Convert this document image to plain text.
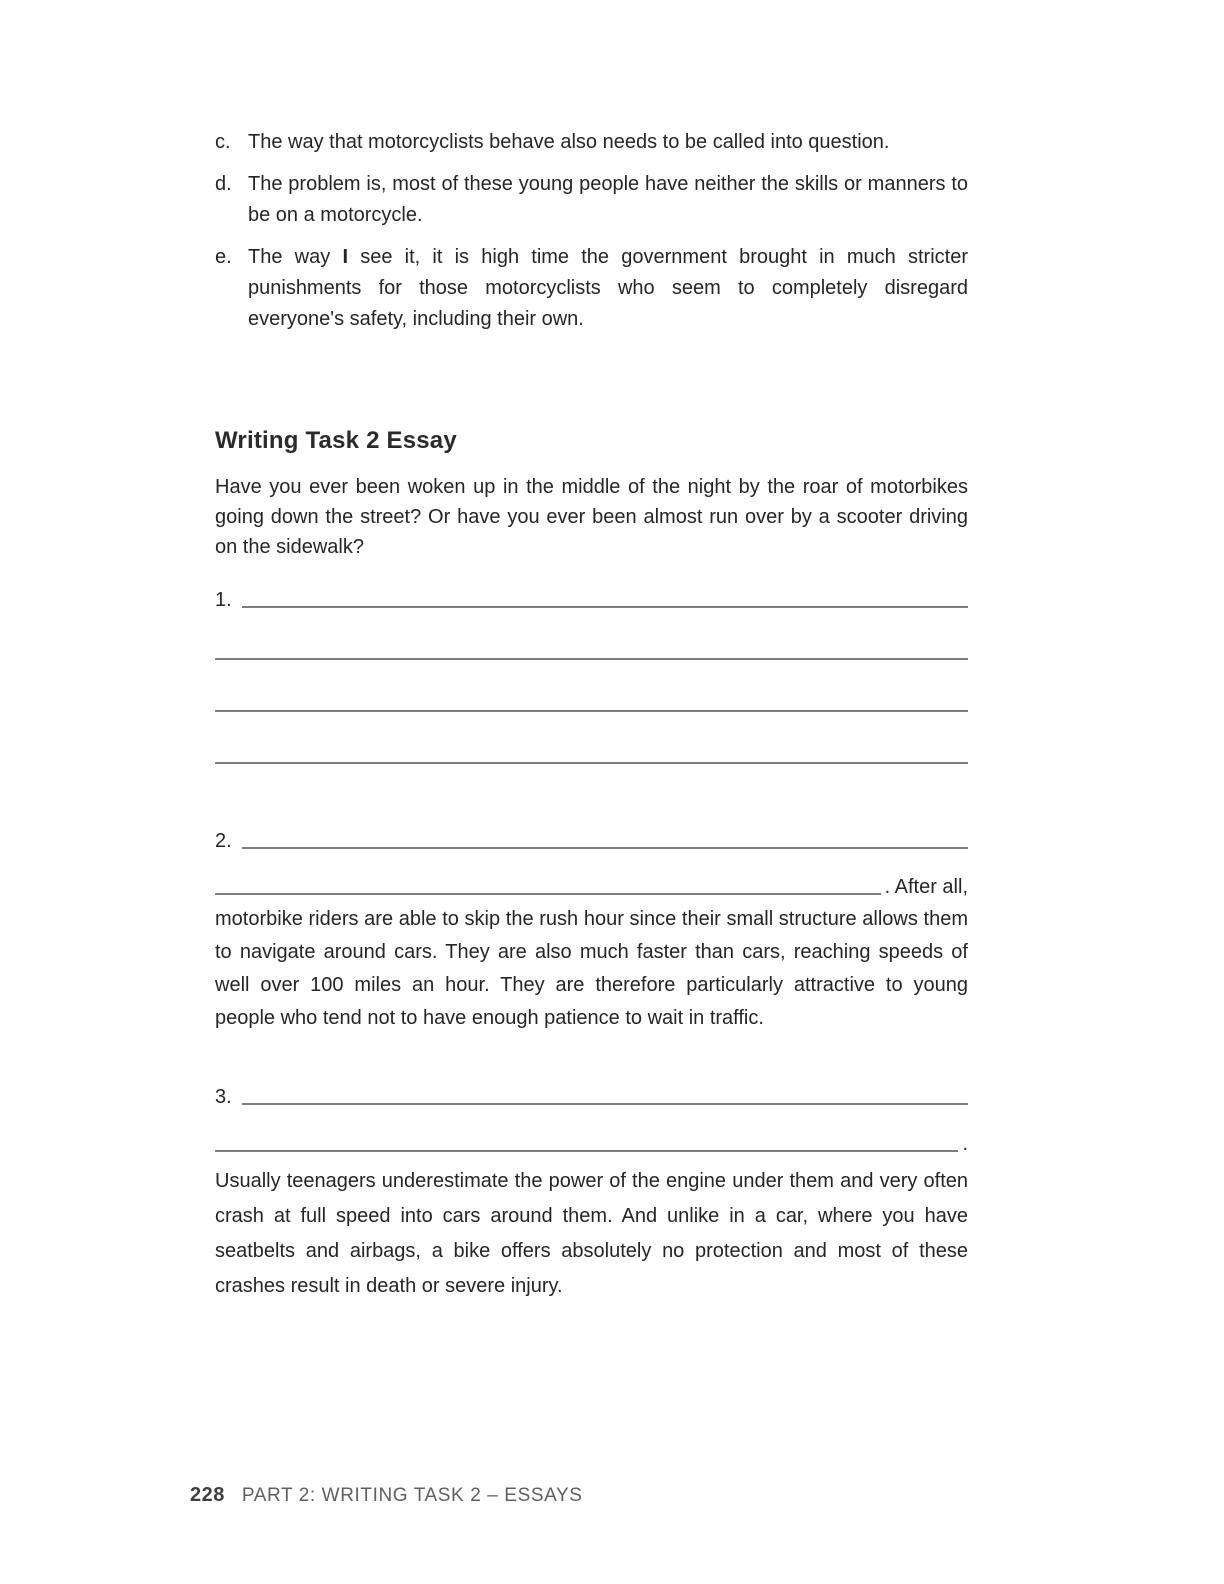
c. The way that motorcyclists behave also needs to be called into question.
d. The problem is, most of these young people have neither the skills or manners to be on a motorcycle.
e. The way I see it, it is high time the government brought in much stricter punishments for those motorcyclists who seem to completely disregard everyone's safety, including their own.
Writing Task 2 Essay

Have you ever been woken up in the middle of the night by the roar of motorbikes going down the street? Or have you ever been almost run over by a scooter driving on the sidewalk?

1.
2.
. After all,

motorbike riders are able to skip the rush hour since their small structure allows them to navigate around cars. They are also much faster than cars, reaching speeds of well over 100 miles an hour. They are therefore particularly attractive to young people who tend not to have enough patience to wait in traffic.

3.
.

Usually teenagers underestimate the power of the engine under them and very often crash at full speed into cars around them. And unlike in a car, where you have seatbelts and airbags, a bike offers absolutely no protection and most of these crashes result in death or severe injury.

228 PART 2: WRITING TASK 2 – ESSAYS
